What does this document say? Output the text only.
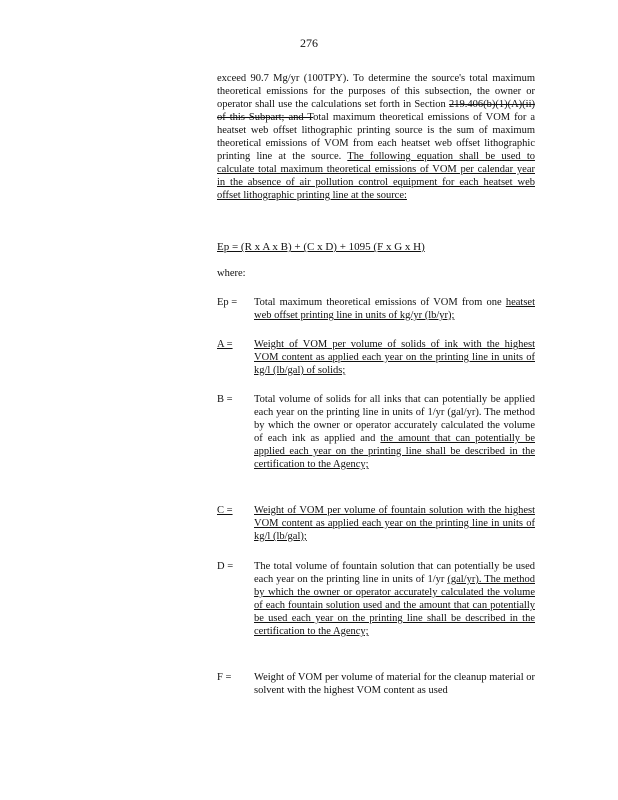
276
exceed 90.7 Mg/yr (100TPY). To determine the source's total maximum theoretical emissions for the purposes of this subsection, the owner or operator shall use the calculations set forth in Section 219.406(b)(1)(A)(ii) of this Subpart; and Total maximum theoretical emissions of VOM for a heatset web offset lithographic printing source is the sum of maximum theoretical emissions of VOM from each heatset web offset lithographic printing line at the source. The following equation shall be used to calculate total maximum theoretical emissions of VOM per calendar year in the absence of air pollution control equipment for each heatset web offset lithographic printing line at the source:
Ep = (R x A x B) + (C x D) + 1095 (F x G x H)
where:
Ep =	Total maximum theoretical emissions of VOM from one heatset web offset printing line in units of kg/yr (lb/yr);
A =	Weight of VOM per volume of solids of ink with the highest VOM content as applied each year on the printing line in units of kg/l (lb/gal) of solids;
B =	Total volume of solids for all inks that can potentially be applied each year on the printing line in units of 1/yr (gal/yr). The method by which the owner or operator accurately calculated the volume of each ink as applied and the amount that can potentially be applied each year on the printing line shall be described in the certification to the Agency;
C =	Weight of VOM per volume of fountain solution with the highest VOM content as applied each year on the printing line in units of kg/l (lb/gal);
D =	The total volume of fountain solution that can potentially be used each year on the printing line in units of 1/yr (gal/yr). The method by which the owner or operator accurately calculated the volume of each fountain solution used and the amount that can potentially be used each year on the printing line shall be described in the certification to the Agency;
F =	Weight of VOM per volume of material for the cleanup material or solvent with the highest VOM content as used
